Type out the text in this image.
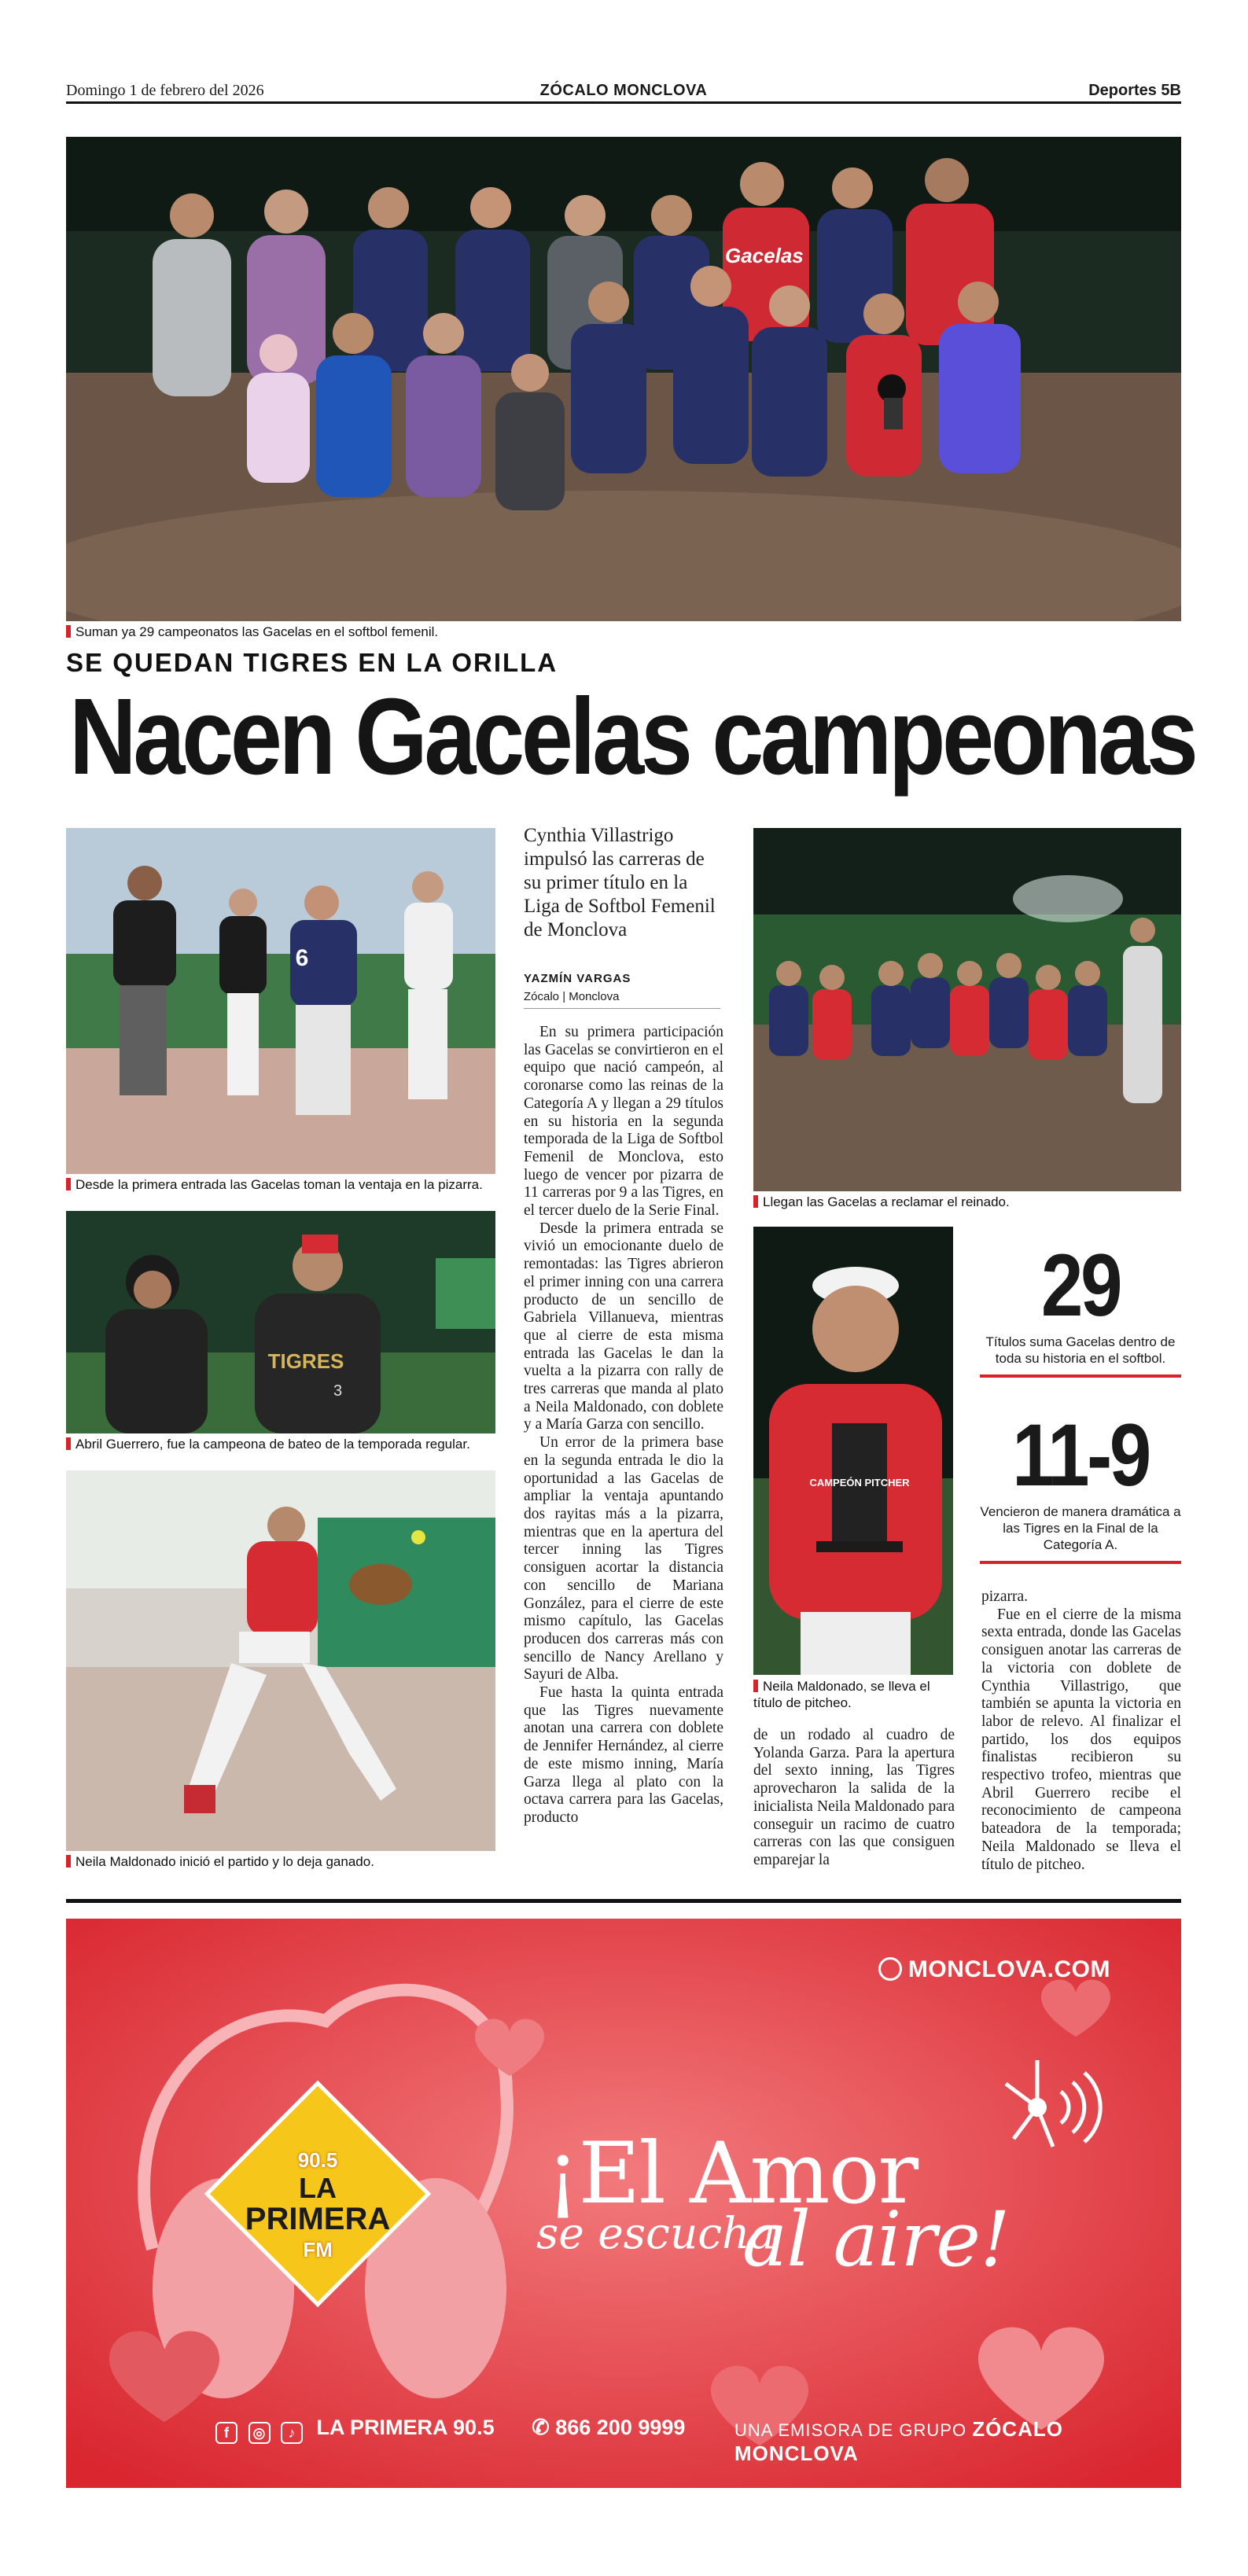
Domingo 1 de febrero del 2026	ZÓCALO MONCLOVA	Deportes 5B
Gacelas
Suman ya 29 campeonatos las Gacelas en el softbol femenil.
SE QUEDAN TIGRES EN LA ORILLA
Nacen Gacelas campeonas
6
Desde la primera entrada las Gacelas toman la ventaja en la pizarra.
TIGRES
3
Abril Guerrero, fue la campeona de bateo de la temporada regular.
Neila Maldonado inició el partido y lo deja ganado.
Cynthia Villastrigo impulsó las carreras de su primer título en la Liga de Softbol Femenil de Monclova
YAZMÍN VARGAS
Zócalo | Monclova

En su primera participación las Gacelas se convirtieron en el equipo que nació campeón, al coronarse como las reinas de la Categoría A y llegan a 29 títulos en su historia en la segunda temporada de la Liga de Softbol Femenil de Monclova, esto luego de vencer por pizarra de 11 carreras por 9 a las Tigres, en el tercer duelo de la Serie Final.

Desde la primera entrada se vivió un emocionante duelo de remontadas: las Tigres abrieron el primer inning con una carrera producto de un sencillo de Gabriela Villanueva, mientras que al cierre de esta misma entrada las Gacelas le dan la vuelta a la pizarra con rally de tres carreras que manda al plato a Neila Maldonado, con doblete y a María Garza con sencillo.

Un error de la primera base en la segunda entrada le dio la oportunidad a las Gacelas de ampliar la ventaja apuntando dos rayitas más a la pizarra, mientras que en la apertura del tercer inning las Tigres consiguen acortar la distancia con sencillo de Mariana González, para el cierre de este mismo capítulo, las Gacelas producen dos carreras más con sencillo de Nancy Arellano y Sayuri de Alba.

Fue hasta la quinta entrada que las Tigres nuevamente anotan una carrera con doblete de Jennifer Hernández, al cierre de este mismo inning, María Garza llega al plato con la octava carrera para las Gacelas, producto

Llegan las Gacelas a reclamar el reinado.
CAMPEÓN PITCHER
Neila Maldonado, se lleva el título de pitcheo.
29
Títulos suma Gacelas dentro de toda su historia en el softbol.
11-9
Vencieron de manera dramática a las Tigres en la Final de la Categoría A.

de un rodado al cuadro de Yolanda Garza. Para la apertura del sexto inning, las Tigres aprovecharon la salida de la inicialista Neila Maldonado para conseguir un racimo de cuatro carreras con las que consiguen emparejar la

pizarra.

Fue en el cierre de la misma sexta entrada, donde las Gacelas consiguen anotar las carreras de la victoria con doblete de Cynthia Villastrigo, que también se apunta la victoria en labor de relevo. Al finalizar el partido, los dos equipos finalistas recibieron su respectivo trofeo, mientras que Abril Guerrero recibe el reconocimiento de campeona bateadora de la temporada; Neila Maldonado se lleva el título de pitcheo.

MONCLOVA.COM
90.5
LA
PRIMERA
FM
¡El Amor
se escucha
al aire!
f ◎ ♪ LA PRIMERA 90.5 ✆ 866 200 9999	UNA EMISORA DE GRUPO ZÓCALO MONCLOVA
